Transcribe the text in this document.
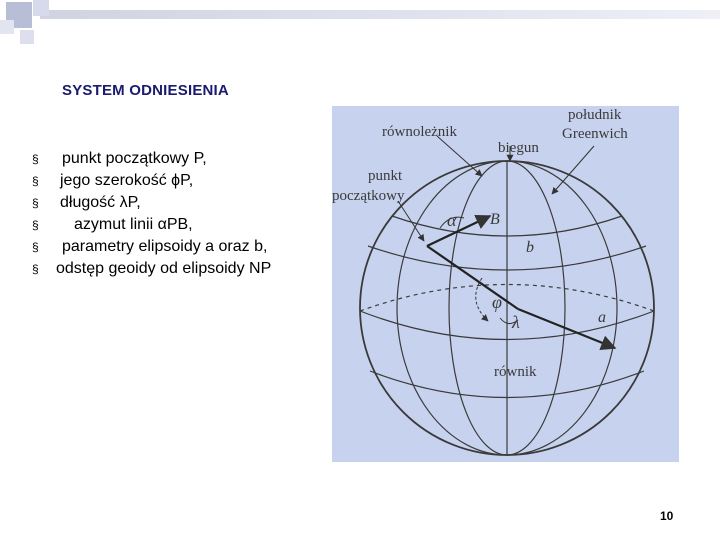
SYSTEM ODNIESIENIA
§	punkt początkowy P,
§	jego szerokość ϕP,
§	długość λP,
§	azymut linii αPB,
§	parametry elipsoidy a oraz b,
§	odstęp geoidy od elipsoidy NP
równoleżnik
południk
Greenwich
biegun
punkt
początkowy
α B
b
φ
λ	a
równik
10
